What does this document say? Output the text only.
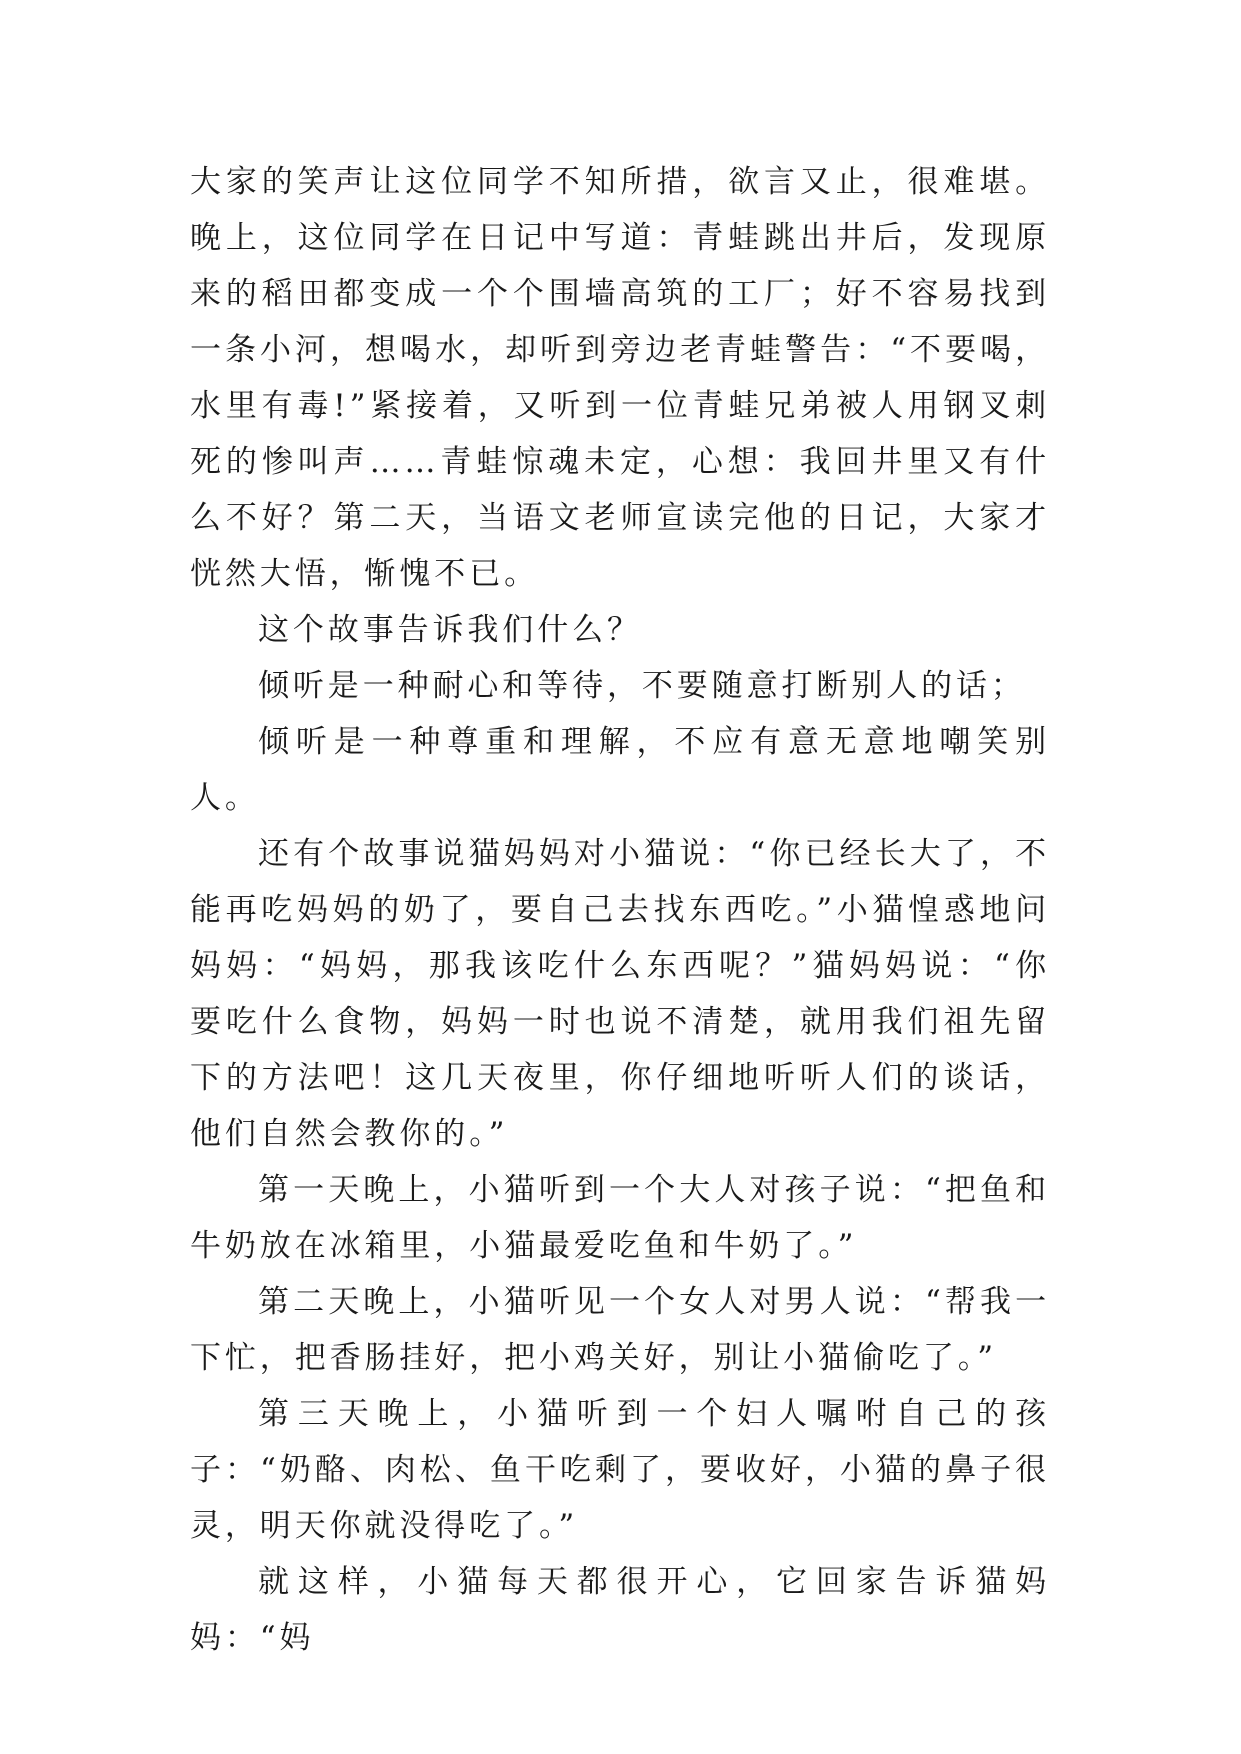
大家的笑声让这位同学不知所措，欲言又止，很难堪。晚上，这位同学在日记中写道：青蛙跳出井后，发现原来的稻田都变成一个个围墙高筑的工厂；好不容易找到一条小河，想喝水，却听到旁边老青蛙警告：“不要喝，水里有毒!”紧接着，又听到一位青蛙兄弟被人用钢叉刺死的惨叫声……青蛙惊魂未定，心想：我回井里又有什么不好？第二天，当语文老师宣读完他的日记，大家才恍然大悟，惭愧不已。

这个故事告诉我们什么？

倾听是一种耐心和等待，不要随意打断别人的话；

倾听是一种尊重和理解，不应有意无意地嘲笑别人。

还有个故事说猫妈妈对小猫说：“你已经长大了，不能再吃妈妈的奶了，要自己去找东西吃。”小猫惶惑地问妈妈：“妈妈，那我该吃什么东西呢？”猫妈妈说：“你要吃什么食物，妈妈一时也说不清楚，就用我们祖先留下的方法吧！这几天夜里，你仔细地听听人们的谈话，他们自然会教你的。”

第一天晚上，小猫听到一个大人对孩子说：“把鱼和牛奶放在冰箱里，小猫最爱吃鱼和牛奶了。”

第二天晚上，小猫听见一个女人对男人说：“帮我一下忙，把香肠挂好，把小鸡关好，别让小猫偷吃了。”

第三天晚上，小猫听到一个妇人嘱咐自己的孩子：“奶酪、肉松、鱼干吃剩了，要收好，小猫的鼻子很灵，明天你就没得吃了。”

就这样，小猫每天都很开心，它回家告诉猫妈妈：“妈
